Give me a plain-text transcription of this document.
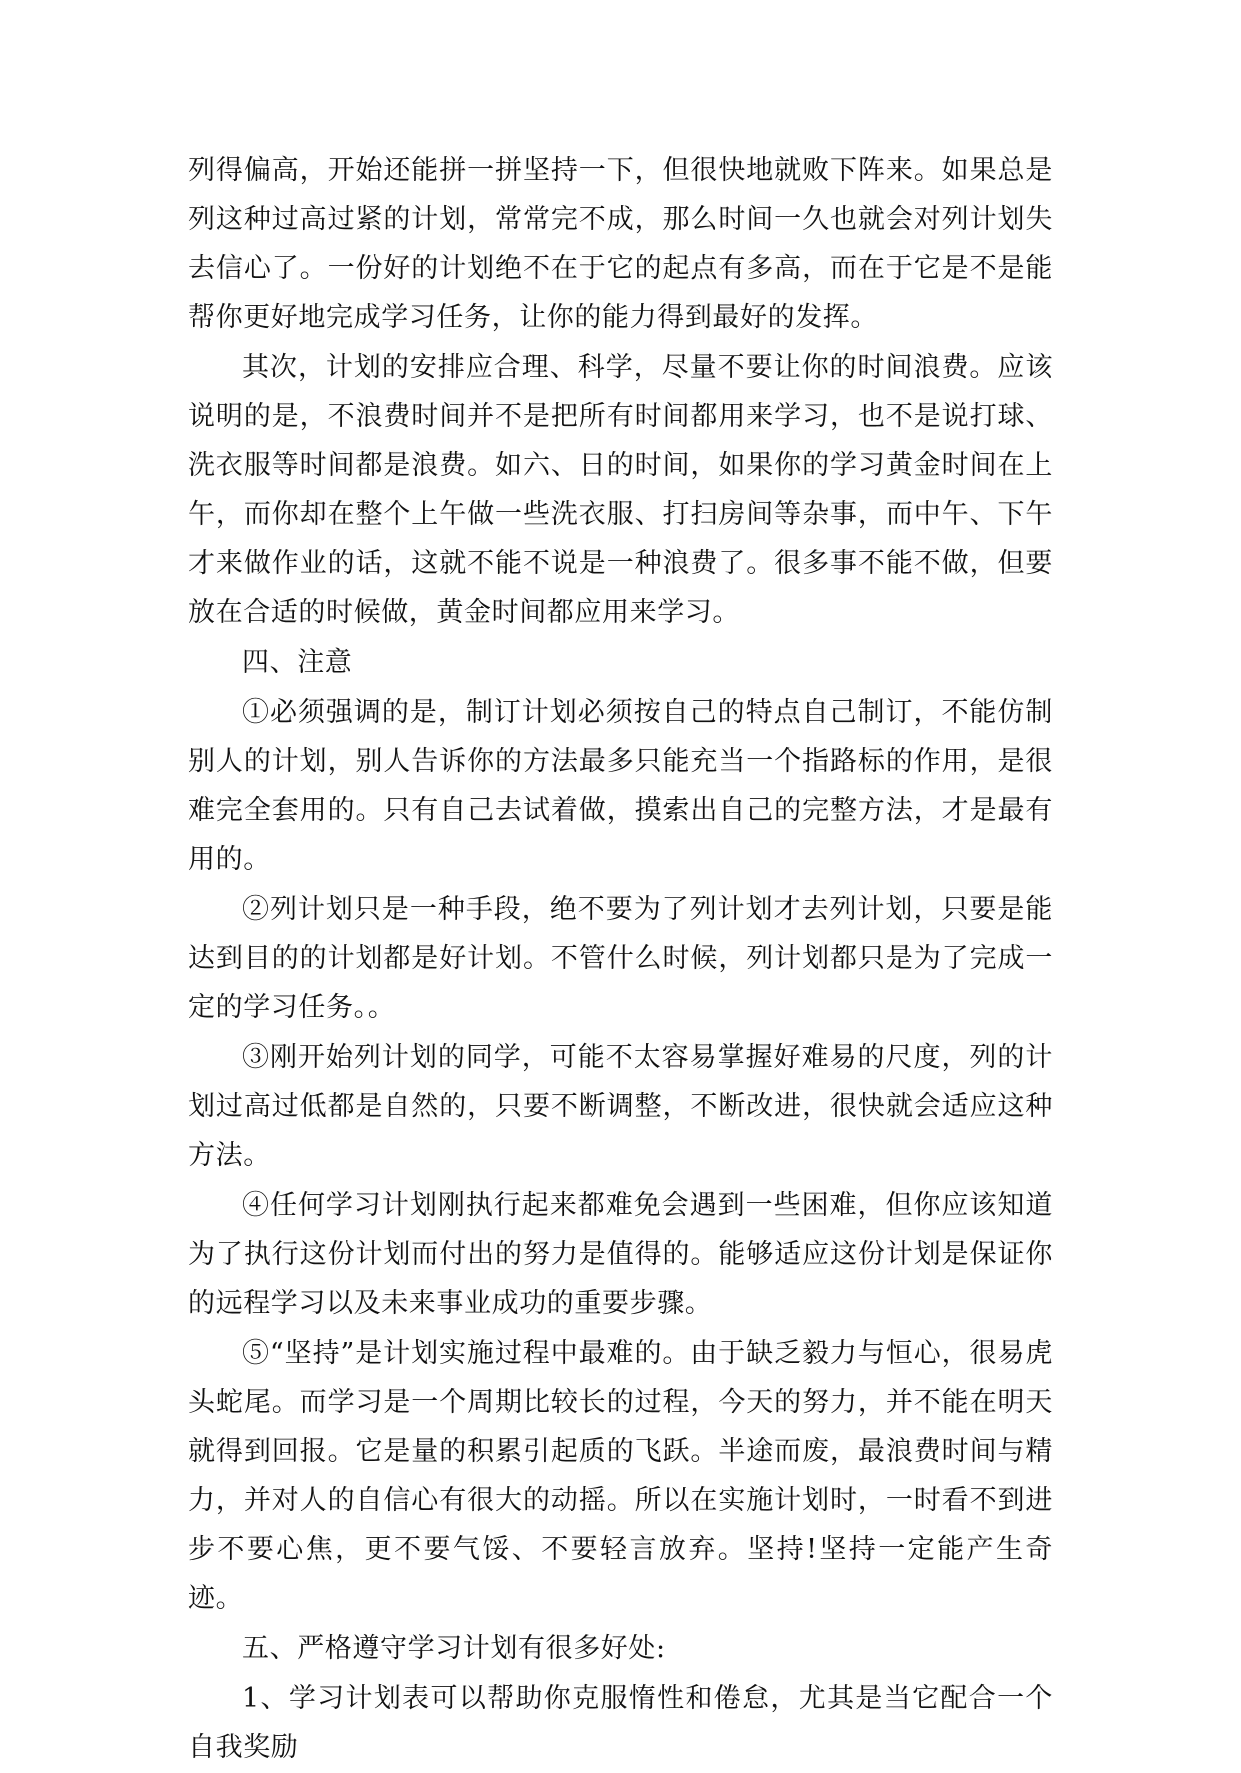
列得偏高，开始还能拼一拼坚持一下，但很快地就败下阵来。如果总是列这种过高过紧的计划，常常完不成，那么时间一久也就会对列计划失去信心了。一份好的计划绝不在于它的起点有多高，而在于它是不是能帮你更好地完成学习任务，让你的能力得到最好的发挥。

其次，计划的安排应合理、科学，尽量不要让你的时间浪费。应该说明的是，不浪费时间并不是把所有时间都用来学习，也不是说打球、洗衣服等时间都是浪费。如六、日的时间，如果你的学习黄金时间在上午，而你却在整个上午做一些洗衣服、打扫房间等杂事，而中午、下午才来做作业的话，这就不能不说是一种浪费了。很多事不能不做，但要放在合适的时候做，黄金时间都应用来学习。

四、注意

①必须强调的是，制订计划必须按自己的特点自己制订，不能仿制别人的计划，别人告诉你的方法最多只能充当一个指路标的作用，是很难完全套用的。只有自己去试着做，摸索出自己的完整方法，才是最有用的。

②列计划只是一种手段，绝不要为了列计划才去列计划，只要是能达到目的的计划都是好计划。不管什么时候，列计划都只是为了完成一定的学习任务。。

③刚开始列计划的同学，可能不太容易掌握好难易的尺度，列的计划过高过低都是自然的，只要不断调整，不断改进，很快就会适应这种方法。

④任何学习计划刚执行起来都难免会遇到一些困难，但你应该知道为了执行这份计划而付出的努力是值得的。能够适应这份计划是保证你的远程学习以及未来事业成功的重要步骤。

⑤“坚持”是计划实施过程中最难的。由于缺乏毅力与恒心，很易虎头蛇尾。而学习是一个周期比较长的过程，今天的努力，并不能在明天就得到回报。它是量的积累引起质的飞跃。半途而废，最浪费时间与精力，并对人的自信心有很大的动摇。所以在实施计划时，一时看不到进步不要心焦，更不要气馁、不要轻言放弃。坚持!坚持一定能产生奇迹。

五、严格遵守学习计划有很多好处:

1、学习计划表可以帮助你克服惰性和倦怠，尤其是当它配合一个自我奖励
